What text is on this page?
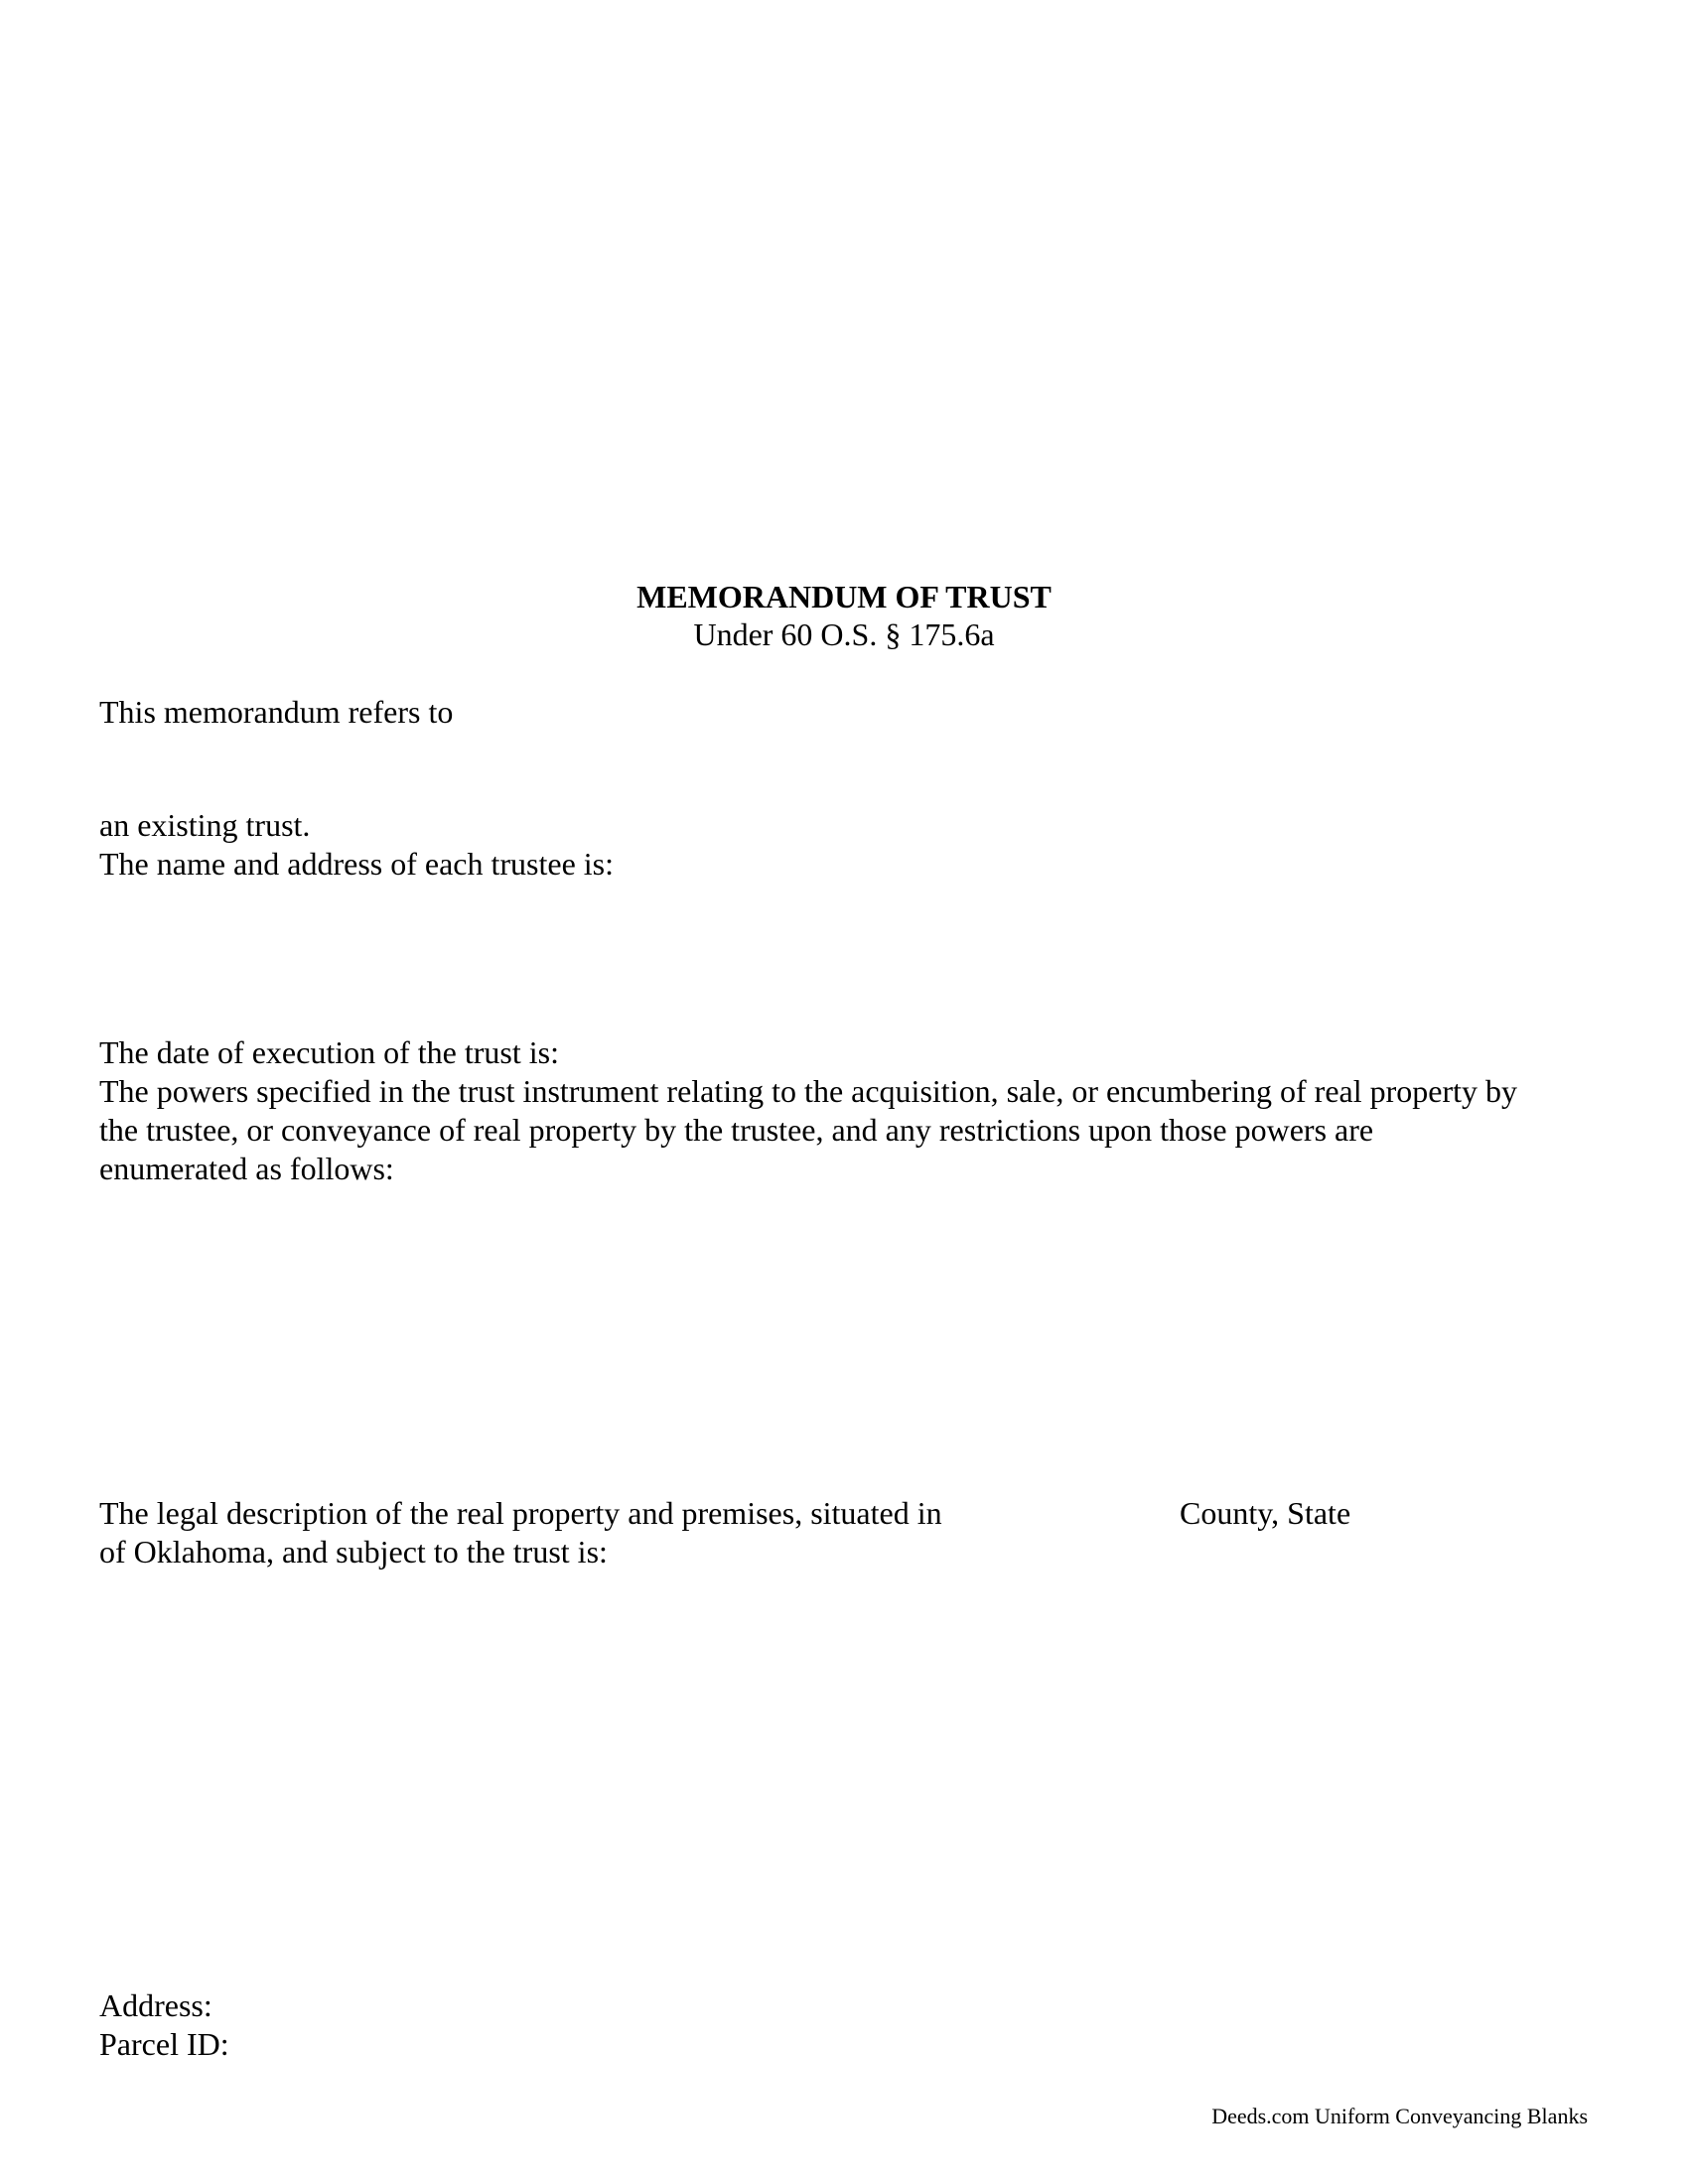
MEMORANDUM OF TRUST
Under 60 O.S. § 175.6a
This memorandum refers to
an existing trust.
The name and address of each trustee is:
The date of execution of the trust is:
The powers specified in the trust instrument relating to the acquisition, sale, or encumbering of real property by
the trustee, or conveyance of real property by the trustee, and any restrictions upon those powers are
enumerated as follows:
The legal description of the real property and premises, situated in	County, State
of Oklahoma, and subject to the trust is:
Address:
Parcel ID:
Deeds.com Uniform Conveyancing Blanks
